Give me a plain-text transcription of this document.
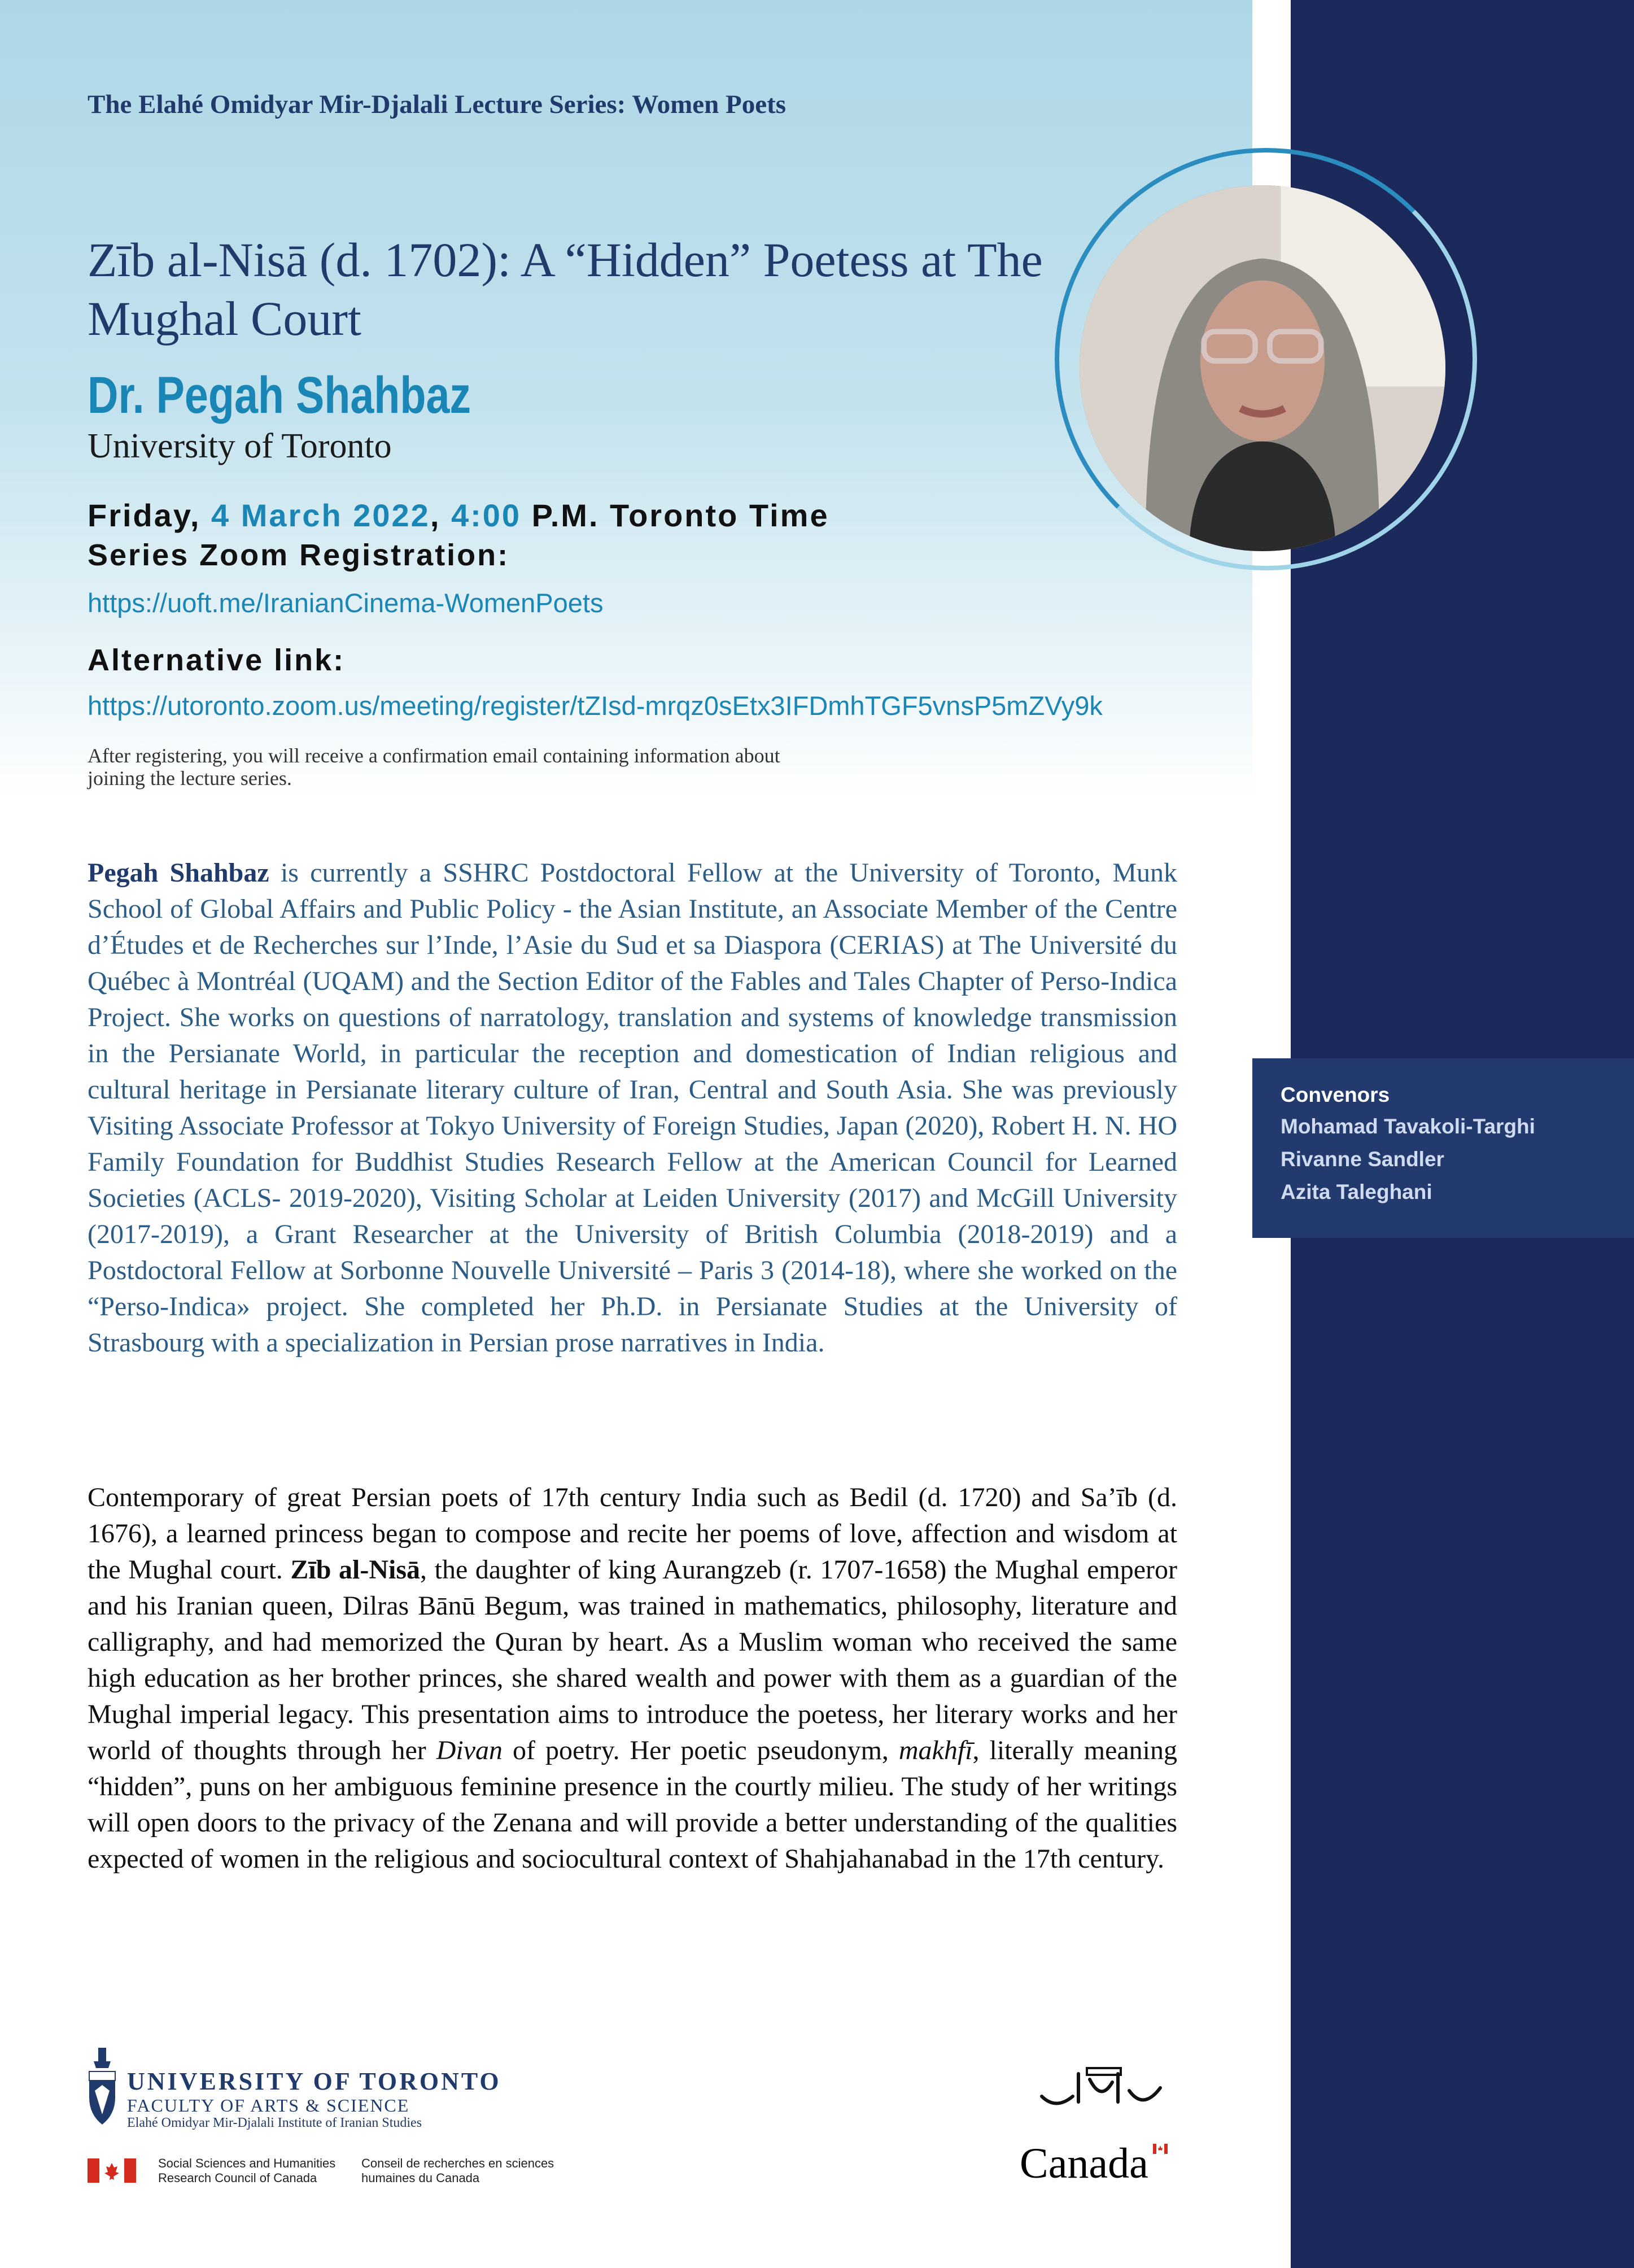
The Elahé Omidyar Mir-Djalali Lecture Series: Women Poets
Zīb al-Nisā (d. 1702): A “Hidden” Poetess at The Mughal Court
Dr. Pegah Shahbaz
University of Toronto
Friday, 4 March 2022, 4:00 P.M. Toronto Time
Series Zoom Registration:
https://uoft.me/IranianCinema-WomenPoets
Alternative link:
https://utoronto.zoom.us/meeting/register/tZIsd-mrqz0sEtx3IFDmhTGF5vnsP5mZVy9k
After registering, you will receive a confirmation email containing information about joining the lecture series.
Pegah Shahbaz is currently a SSHRC Postdoctoral Fellow at the University of Toronto, Munk School of Global Affairs and Public Policy - the Asian Institute, an Associate Member of the Centre d’Études et de Recherches sur l’Inde, l’Asie du Sud et sa Diaspora (CERIAS) at The Université du Québec à Montréal (UQAM) and the Section Editor of the Fables and Tales Chapter of Perso-Indica Project. She works on questions of narratology, translation and systems of knowledge transmission in the Persianate World, in particular the reception and domestication of Indian religious and cultural heritage in Persianate literary culture of Iran, Central and South Asia. She was previously Visiting Associate Professor at Tokyo University of Foreign Studies, Japan (2020), Robert H. N. HO Family Foundation for Buddhist Studies Research Fellow at the American Council for Learned Societies (ACLS- 2019-2020), Visiting Scholar at Leiden University (2017) and McGill University (2017-2019), a Grant Researcher at the University of British Columbia (2018-2019) and a Postdoctoral Fellow at Sorbonne Nouvelle Université – Paris 3 (2014-18), where she worked on the “Perso-Indica» project. She completed her Ph.D. in Persianate Studies at the University of Strasbourg with a specialization in Persian prose narratives in India.
Contemporary of great Persian poets of 17th century India such as Bedil (d. 1720) and Sa’īb (d. 1676), a learned princess began to compose and recite her poems of love, affection and wisdom at the Mughal court. Zīb al-Nisā, the daughter of king Aurangzeb (r. 1707-1658) the Mughal emperor and his Iranian queen, Dilras Bānū Begum, was trained in mathematics, philosophy, literature and calligraphy, and had memorized the Quran by heart. As a Muslim woman who received the same high education as her brother princes, she shared wealth and power with them as a guardian of the Mughal imperial legacy. This presentation aims to introduce the poetess, her literary works and her world of thoughts through her Divan of poetry. Her poetic pseudonym, makhfī, literally meaning “hidden”, puns on her ambiguous feminine presence in the courtly milieu. The study of her writings will open doors to the privacy of the Zenana and will provide a better understanding of the qualities expected of women in the religious and sociocultural context of Shahjahanabad in the 17th century.
Convenors
Mohamad Tavakoli-Targhi
Rivanne Sandler
Azita Taleghani
UNIVERSITY OF TORONTO
FACULTY OF ARTS & SCIENCE
Elahé Omidyar Mir-Djalali Institute of Iranian Studies
Social Sciences and Humanities Research Council of Canada
Conseil de recherches en sciences humaines du Canada	Canada
